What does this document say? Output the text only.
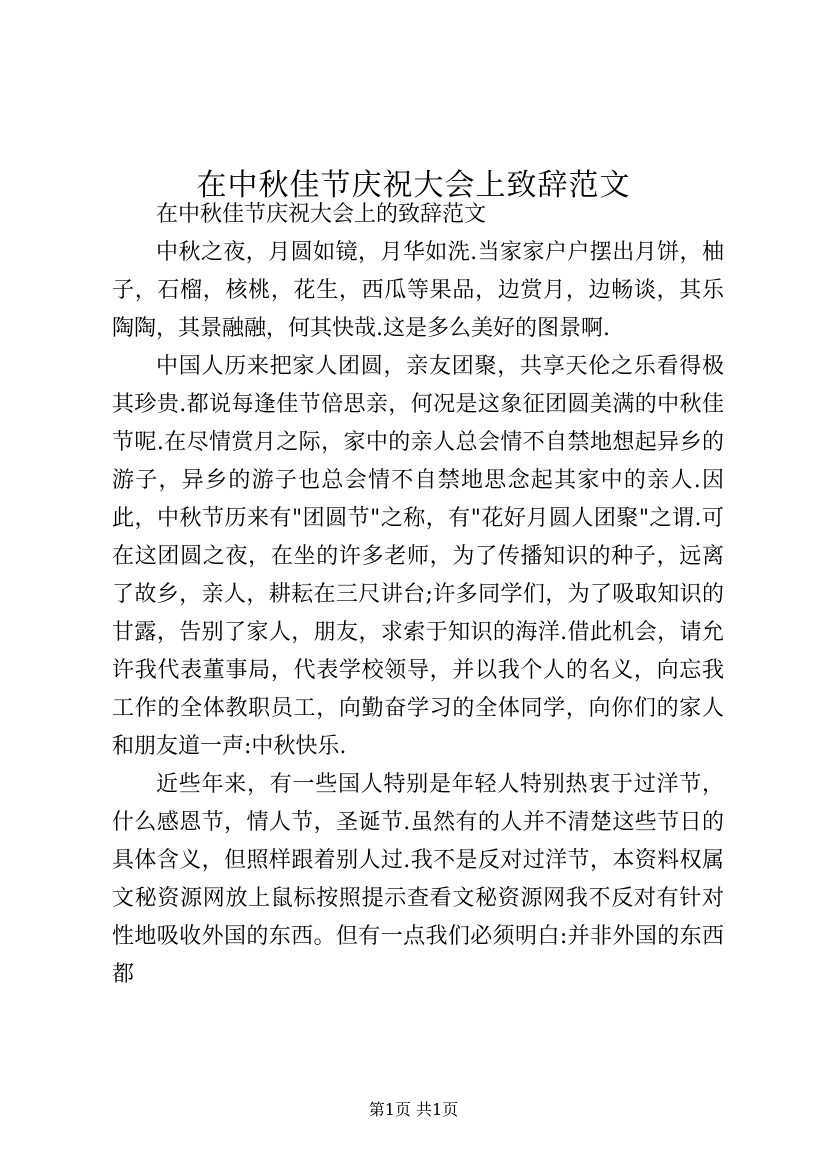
在中秋佳节庆祝大会上致辞范文

在中秋佳节庆祝大会上的致辞范文

中秋之夜，月圆如镜，月华如洗.当家家户户摆出月饼，柚子，石榴，核桃，花生，西瓜等果品，边赏月，边畅谈，其乐陶陶，其景融融，何其快哉.这是多么美好的图景啊.

中国人历来把家人团圆，亲友团聚，共享天伦之乐看得极其珍贵.都说每逢佳节倍思亲，何况是这象征团圆美满的中秋佳节呢.在尽情赏月之际，家中的亲人总会情不自禁地想起异乡的游子，异乡的游子也总会情不自禁地思念起其家中的亲人.因此，中秋节历来有"团圆节"之称，有"花好月圆人团聚"之谓.可在这团圆之夜，在坐的许多老师，为了传播知识的种子，远离了故乡，亲人，耕耘在三尺讲台;许多同学们，为了吸取知识的甘露，告别了家人，朋友，求索于知识的海洋.借此机会，请允许我代表董事局，代表学校领导，并以我个人的名义，向忘我工作的全体教职员工，向勤奋学习的全体同学，向你们的家人和朋友道一声:中秋快乐.

近些年来，有一些国人特别是年轻人特别热衷于过洋节，什么感恩节，情人节，圣诞节.虽然有的人并不清楚这些节日的具体含义，但照样跟着别人过.我不是反对过洋节，本资料权属文秘资源网放上鼠标按照提示查看文秘资源网我不反对有针对性地吸收外国的东西。但有一点我们必须明白:并非外国的东西都

第1页 共1页
